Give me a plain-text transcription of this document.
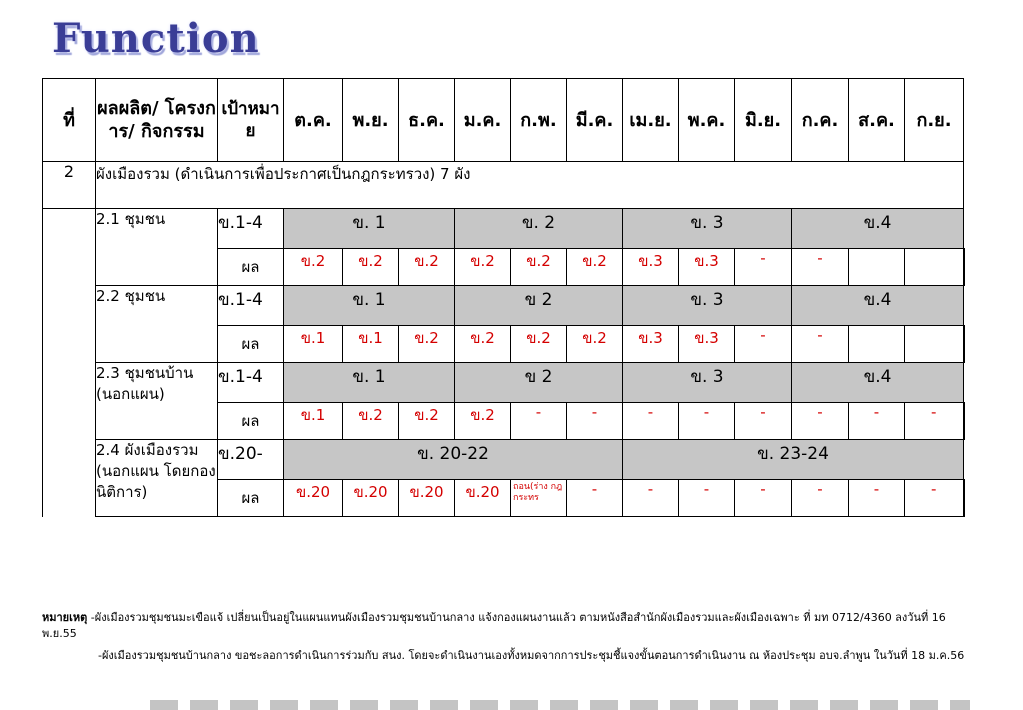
Function
ที่	ผลผลิต/ โครงการ/ กิจกรรม	เป้าหมาย	ต.ค.	พ.ย.	ธ.ค.	ม.ค.	ก.พ.	มี.ค.	เม.ย.	พ.ค.	มิ.ย.	ก.ค.	ส.ค.	ก.ย.
2	ผังเมืองรวม (ดำเนินการเพื่อประกาศเป็นกฎกระทรวง) 7 ผัง													
	2.1 ชุมชน	ข.1-4	ข. 1			ข. 2			ข. 3			ข.4		
		ผล	ข.2	ข.2	ข.2	ข.2	ข.2	ข.2	ข.3	ข.3	-	-		
	2.2 ชุมชน	ข.1-4	ข. 1			ข 2			ข. 3			ข.4		
		ผล	ข.1	ข.1	ข.2	ข.2	ข.2	ข.2	ข.3	ข.3	-	-		
	2.3 ชุมชนบ้าน (นอกแผน)	ข.1-4	ข. 1			ข 2			ข. 3			ข.4		
		ผล	ข.1	ข.2	ข.2	ข.2	-	-	-	-	-	-	-	-
	2.4 ผังเมืองรวม (นอกแผน โดยกองนิติการ)	ข.20-	ข. 20-22						ข. 23-24					
		ผล	ข.20	ข.20	ข.20	ข.20	ถอน(ร่าง กฎกระทร	-	-	-	-	-	-	-

หมายเหตุ -ผังเมืองรวมชุมชนมะเขือแจ้ เปลี่ยนเป็นอยู่ในแผนแทนผังเมืองรวมชุมชนบ้านกลาง แจ้งกองแผนงานแล้ว ตามหนังสือสำนักผังเมืองรวมและผังเมืองเฉพาะ ที่ มท 0712/4360 ลงวันที่ 16 พ.ย.55

-ผังเมืองรวมชุมชนบ้านกลาง ขอชะลอการดำเนินการร่วมกับ สนง. โดยจะดำเนินงานเองทั้งหมดจากการประชุมชี้แจงขั้นตอนการดำเนินงาน ณ ห้องประชุม อบจ.ลำพูน ในวันที่ 18 ม.ค.56
